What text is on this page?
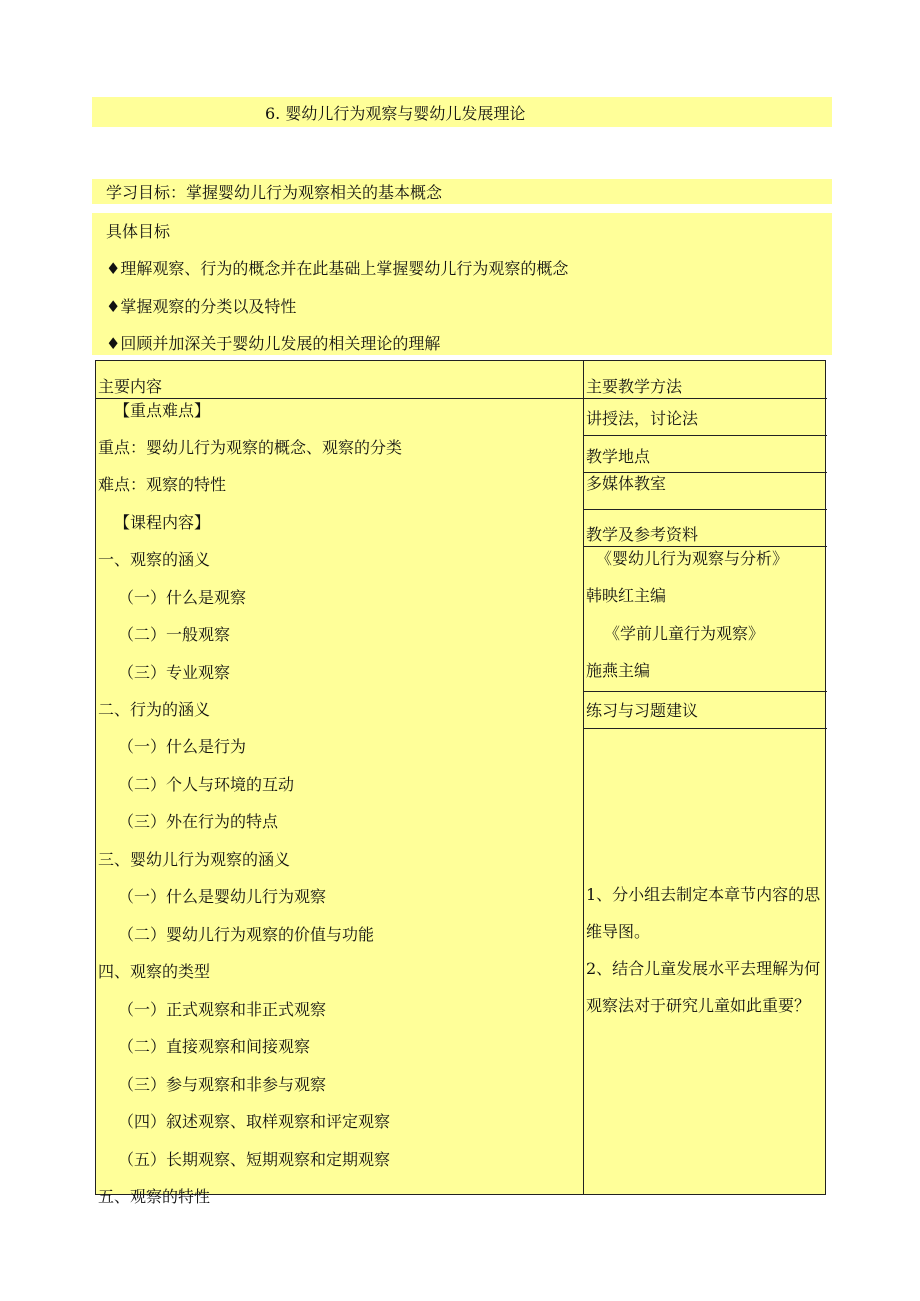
6. 婴幼儿行为观察与婴幼儿发展理论
学习目标：掌握婴幼儿行为观察相关的基本概念
具体目标
♦理解观察、行为的概念并在此基础上掌握婴幼儿行为观察的概念
♦掌握观察的分类以及特性
♦回顾并加深关于婴幼儿发展的相关理论的理解
主要内容
【重点难点】
重点：婴幼儿行为观察的概念、观察的分类
难点：观察的特性
【课程内容】
一、观察的涵义
（一）什么是观察
（二）一般观察
（三）专业观察
二、行为的涵义
（一）什么是行为
（二）个人与环境的互动
（三）外在行为的特点
三、婴幼儿行为观察的涵义
（一）什么是婴幼儿行为观察
（二）婴幼儿行为观察的价值与功能
四、观察的类型
（一）正式观察和非正式观察
（二）直接观察和间接观察
（三）参与观察和非参与观察
（四）叙述观察、取样观察和评定观察
（五）长期观察、短期观察和定期观察
五、观察的特性
主要教学方法
讲授法，讨论法
教学地点
多媒体教室
教学及参考资料
《婴幼儿行为观察与分析》
韩映红主编
《学前儿童行为观察》
施燕主编
练习与习题建议
1、分小组去制定本章节内容的思维导图。
2、结合儿童发展水平去理解为何观察法对于研究儿童如此重要？
